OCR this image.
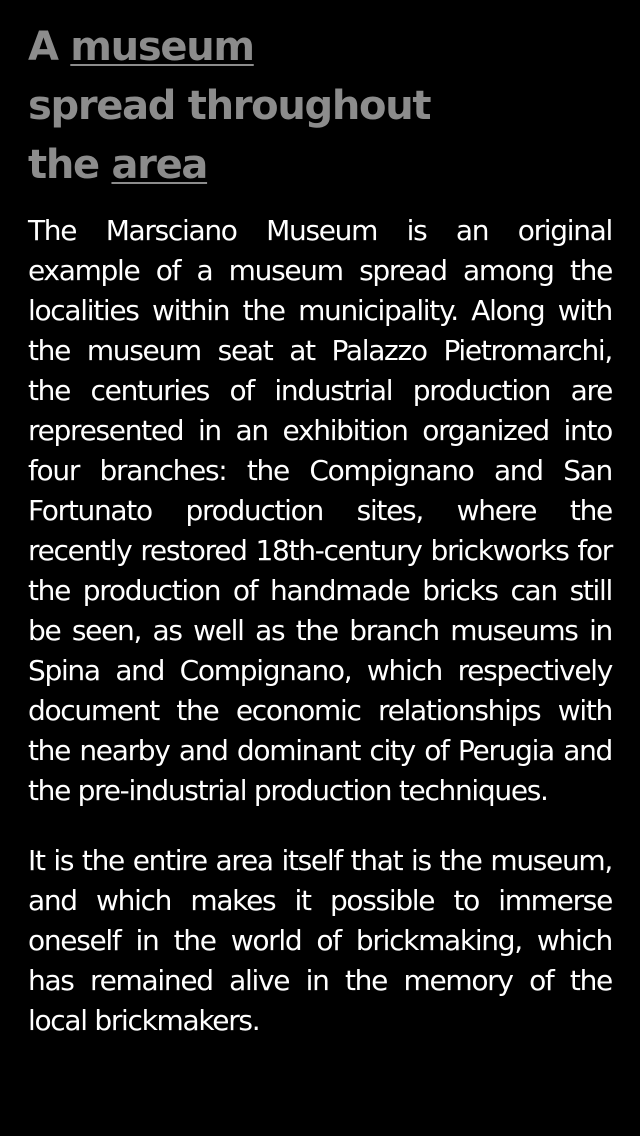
A museum
spread throughout
the area

The Marsciano Museum is an original example of a museum spread among the localities within the municipality. Along with the museum seat at Palazzo Pietromarchi, the centuries of industrial production are represented in an exhibition organized into four branches: the Compignano and San Fortunato production sites, where the recently restored 18th-century brickworks for the production of handmade bricks can still be seen, as well as the branch museums in Spina and Compignano, which respectively document the economic relationships with the nearby and dominant city of Perugia and the pre-industrial production techniques.

It is the entire area itself that is the museum, and which makes it possible to immerse oneself in the world of brickmaking, which has remained alive in the memory of the local brickmakers.
